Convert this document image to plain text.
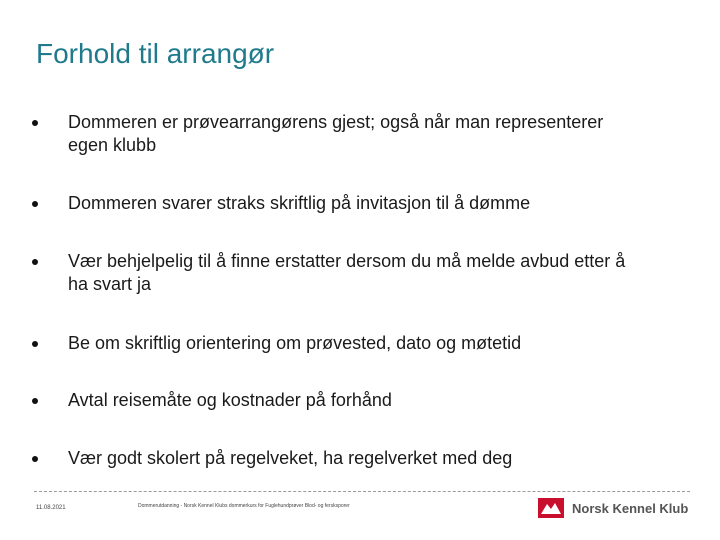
Forhold til arrangør
Dommeren er prøvearrangørens gjest; også når man representerer egen klubb
Dommeren svarer straks skriftlig på invitasjon til å dømme
Vær behjelpelig til å finne erstatter dersom du må melde avbud etter å ha svart ja
Be om skriftlig orientering om prøvested, dato og møtetid
Avtal reisemåte og kostnader på forhånd
Vær godt skolert på regelveket, ha regelverket med deg
11.08.2021	Dommerutdanning - Norsk Kennel Klubs dommerkurs for Fuglehundprøver Blod- og fersksporer	Norsk Kennel Klub
